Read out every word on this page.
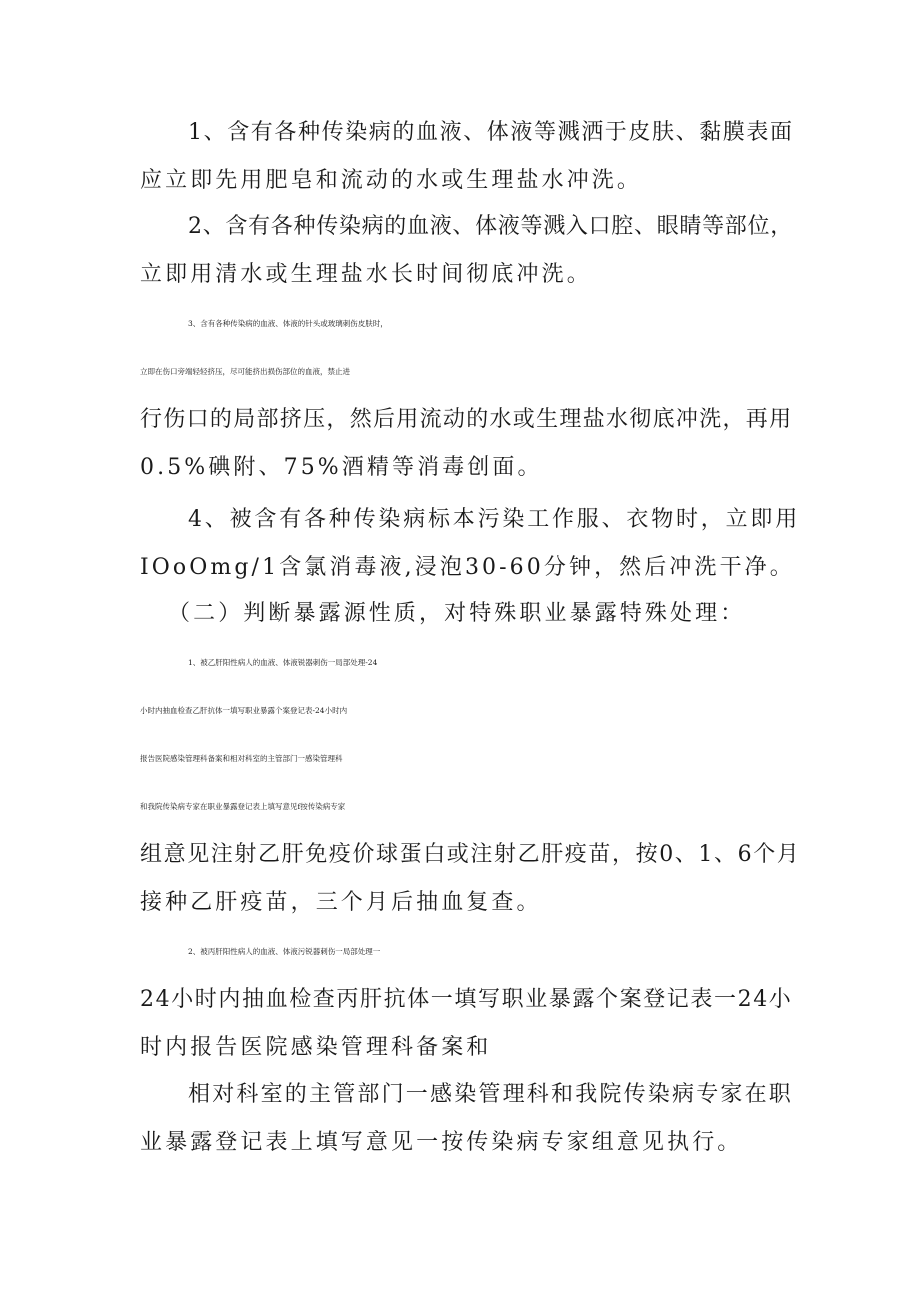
1、含有各种传染病的血液、体液等溅洒于皮肤、黏膜表面
应立即先用肥皂和流动的水或生理盐水冲洗。
2、含有各种传染病的血液、体液等溅入口腔、眼睛等部位，
立即用清水或生理盐水长时间彻底冲洗。
3、含有各种传染病的血液、体液的针头或玻璃刺伤皮肤时，
立即在伤口旁端轻轻挤压，尽可能挤出损伤部位的血液，禁止进
行伤口的局部挤压，然后用流动的水或生理盐水彻底冲洗，再用
0.5%碘附、75%酒精等消毒创面。
4、被含有各种传染病标本污染工作服、衣物时，立即用
IOoOmg/1含氯消毒液,浸泡30-60分钟，然后冲洗干净。
（二）判断暴露源性质，对特殊职业暴露特殊处理：
1、被乙肝阳性病人的血液、体液锐器刺伤一局部处理-24
小时内抽血检查乙肝抗体一填写职业暴露个案登记表-24小时内
报告医院感染管理科备案和相对科室的主管部门一感染管理科
和我院传染病专家在职业暴露登记表上填写意见f按传染病专家
组意见注射乙肝免疫价球蛋白或注射乙肝疫苗，按0、1、6个月
接种乙肝疫苗，三个月后抽血复查。
2、被丙肝阳性病人的血液、体液污锐器刺伤一局部处理一
24小时内抽血检查丙肝抗体一填写职业暴露个案登记表一24小
时内报告医院感染管理科备案和
相对科室的主管部门一感染管理科和我院传染病专家在职
业暴露登记表上填写意见一按传染病专家组意见执行。
